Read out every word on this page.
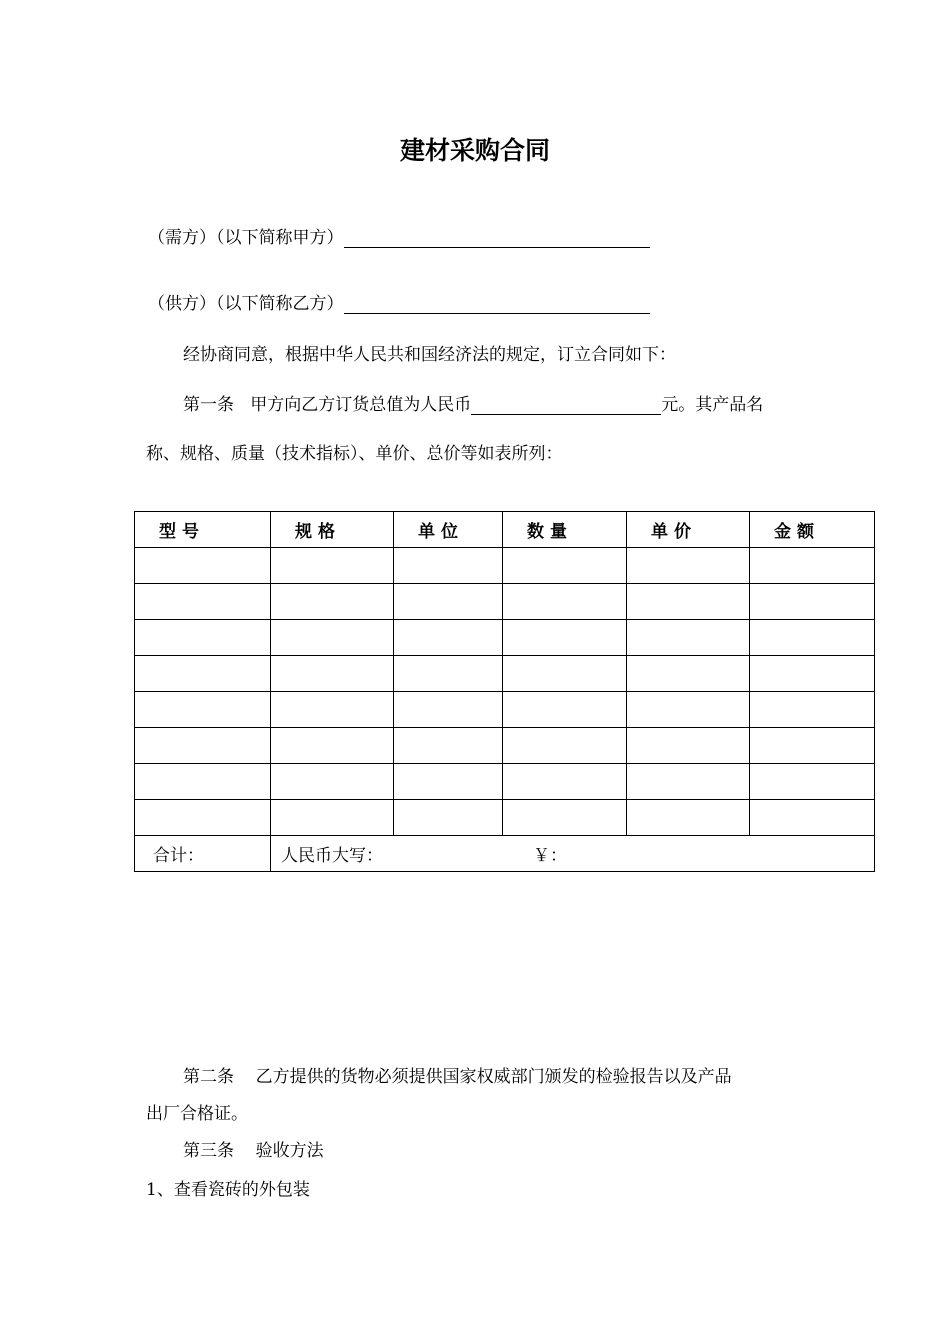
建材采购合同
（需方）（以下简称甲方）
（供方）（以下简称乙方）
经协商同意，根据中华人民共和国经济法的规定，订立合同如下：
第一条   甲方向乙方订货总值为人民币	元。其产品名
称、规格、质量（技术指标）、单价、总价等如表所列：
型号	规格	单位	数量	单价	金额

合计：	人民币大写： ￥：				
第二条    乙方提供的货物必须提供国家权威部门颁发的检验报告以及产品
出厂合格证。
第三条    验收方法
1、查看瓷砖的外包装
